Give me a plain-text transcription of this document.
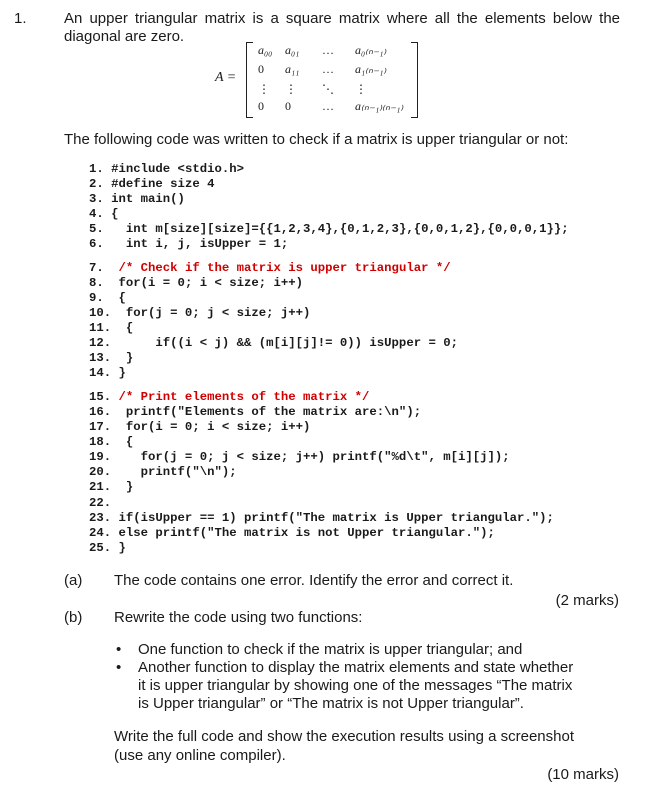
1. An upper triangular matrix is a square matrix where all the elements below the diagonal are zero.
A =
a₀₀ a₀₁ … a₀₍ₙ₋₁₎
0 a₁₁ … a₁₍ₙ₋₁₎
⋮ ⋮ ⋱ ⋮
0 0	… a₍ₙ₋₁₎₍ₙ₋₁₎
The following code was written to check if a matrix is upper triangular or not:
1. #include <stdio.h>
2. #define size 4
3. int main()
4. {
5.   int m[size][size]={{1,2,3,4},{0,1,2,3},{0,0,1,2},{0,0,0,1}};
6.   int i, j, isUpper = 1;
7.  /* Check if the matrix is upper triangular */
8.  for(i = 0; i < size; i++)
9.  {
10.  for(j = 0; j < size; j++)
11.  {
12.      if((i < j) && (m[i][j]!= 0)) isUpper = 0;
13.  }
14. }
15. /* Print elements of the matrix */
16.  printf("Elements of the matrix are:\n");
17.  for(i = 0; i < size; i++)
18.  {
19.    for(j = 0; j < size; j++) printf("%d\t", m[i][j]);
20.    printf("\n");
21.  }
22.
23. if(isUpper == 1) printf("The matrix is Upper triangular.");
24. else printf("The matrix is not Upper triangular.");
25. }
(a) The code contains one error. Identify the error and correct it.
(2 marks)
(b) Rewrite the code using two functions:
• One function to check if the matrix is upper triangular; and
• Another function to display the matrix elements and state whether it is upper triangular by showing one of the messages “The matrix is Upper triangular” or “The matrix is not Upper triangular”.
Write the full code and show the execution results using a screenshot (use any online compiler).
(10 marks)
